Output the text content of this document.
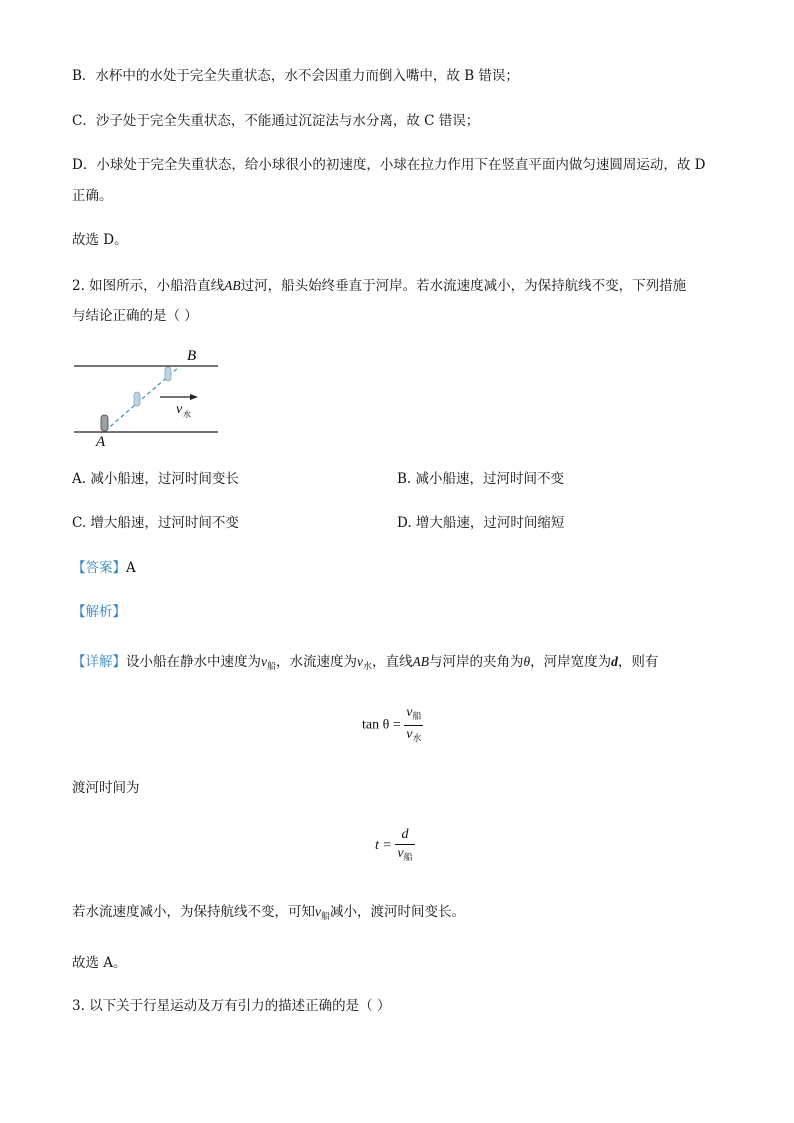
B．水杯中的水处于完全失重状态，水不会因重力而倒入嘴中，故 B 错误；
C．沙子处于完全失重状态，不能通过沉淀法与水分离，故 C 错误；
D．小球处于完全失重状态，给小球很小的初速度，小球在拉力作用下在竖直平面内做匀速圆周运动，故 D
正确。
故选 D。
2. 如图所示，小船沿直线AB过河，船头始终垂直于河岸。若水流速度减小，为保持航线不变，下列措施
与结论正确的是（ ）
v 水
A
B
A. 减小船速，过河时间变长	B. 减小船速，过河时间不变
C. 增大船速，过河时间不变	D. 增大船速，过河时间缩短
【答案】A
【解析】
【详解】设小船在静水中速度为$v_船$，水流速度为$v_水$，直线AB与河岸的夹角为θ，河岸宽度为d，则有
$\tan \theta = \frac{v_船}{v_水}$
渡河时间为
$t = \frac{d}{v_船}$
若水流速度减小，为保持航线不变，可知$v_船$减小，渡河时间变长。
故选 A。
3. 以下关于行星运动及万有引力的描述正确的是（ ）
